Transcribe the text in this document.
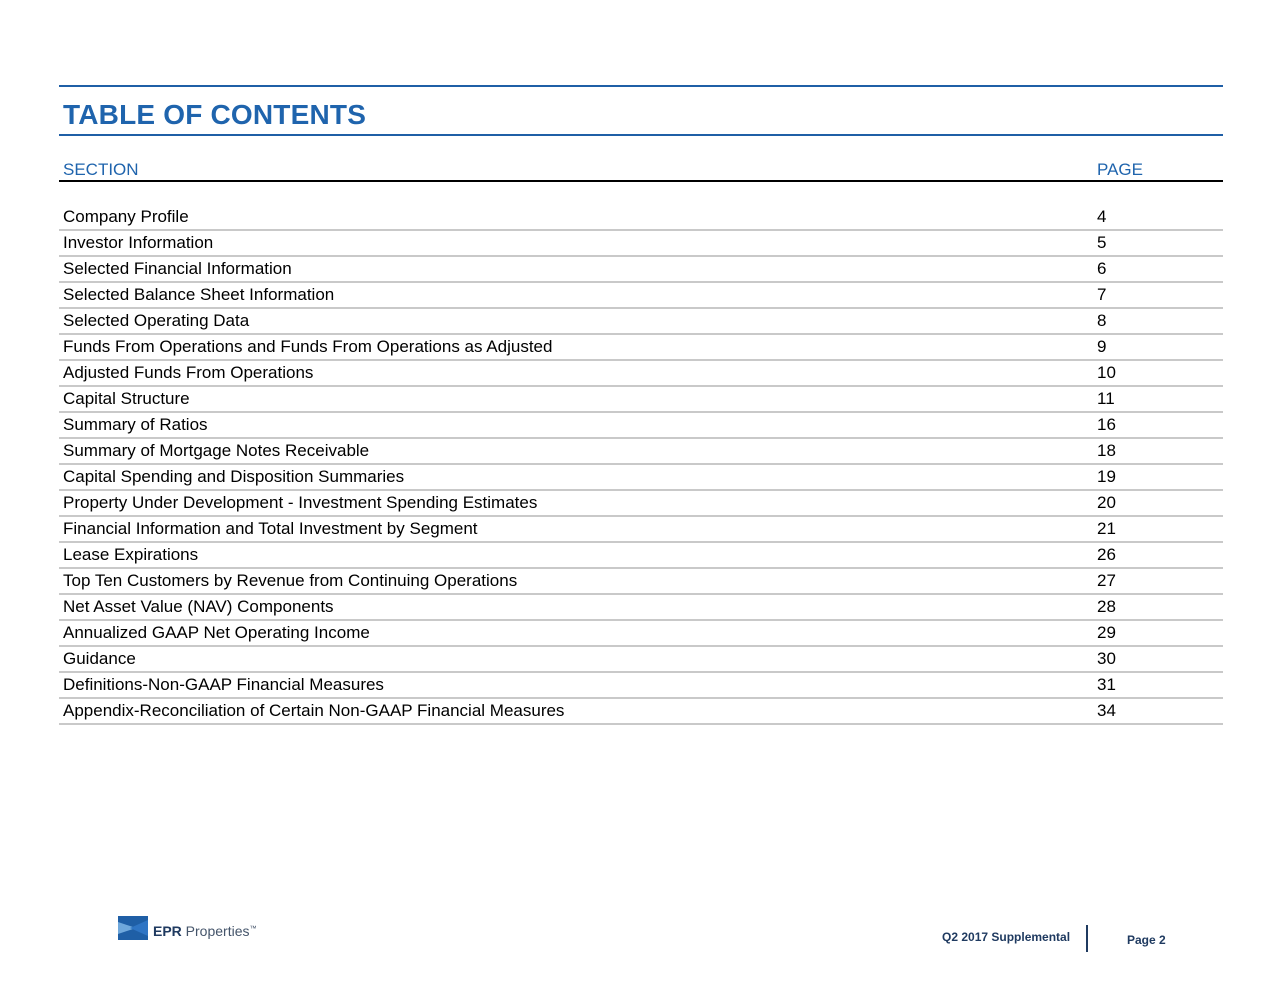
TABLE OF CONTENTS
SECTION	PAGE
Company Profile	4
Investor Information	5
Selected Financial Information	6
Selected Balance Sheet Information	7
Selected Operating Data	8
Funds From Operations and Funds From Operations as Adjusted	9
Adjusted Funds From Operations	10
Capital Structure	11
Summary of Ratios	16
Summary of Mortgage Notes Receivable	18
Capital Spending and Disposition Summaries	19
Property Under Development - Investment Spending Estimates	20
Financial Information and Total Investment by Segment	21
Lease Expirations	26
Top Ten Customers by Revenue from Continuing Operations	27
Net Asset Value (NAV) Components	28
Annualized GAAP Net Operating Income	29
Guidance	30
Definitions-Non-GAAP Financial Measures	31
Appendix-Reconciliation of Certain Non-GAAP Financial Measures	34
EPR Properties™
Q2 2017 Supplemental	Page 2
